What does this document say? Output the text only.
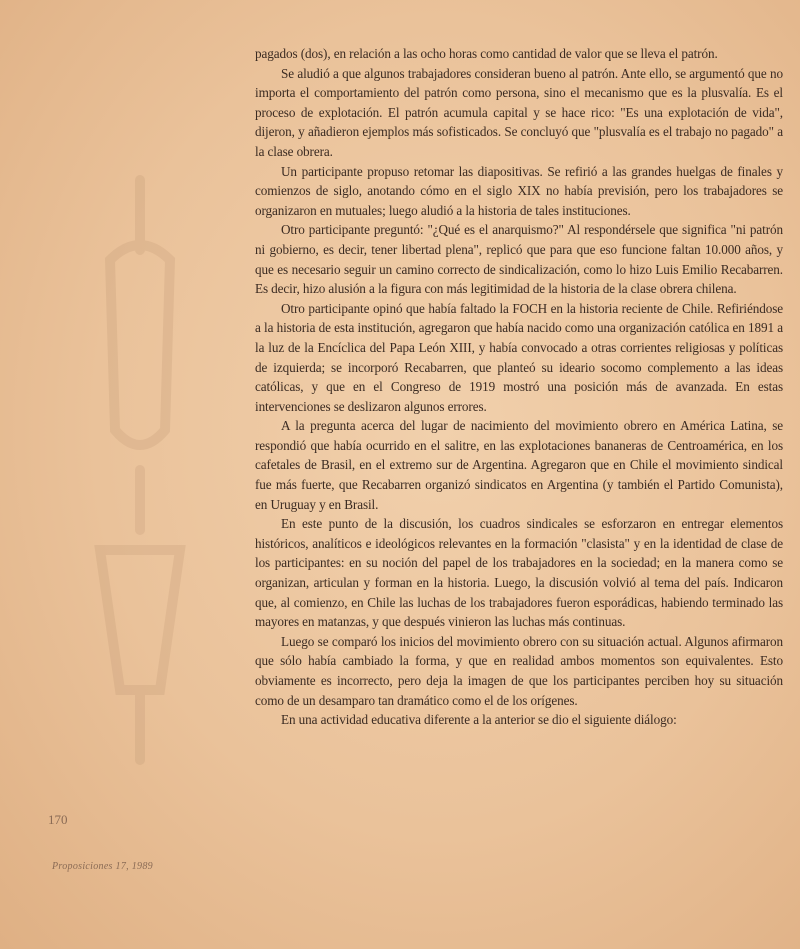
pagados (dos), en relación a las ocho horas como cantidad de valor que se lleva el patrón.

Se aludió a que algunos trabajadores consideran bueno al patrón. Ante ello, se argumentó que no importa el comportamiento del patrón como persona, sino el mecanismo que es la plusvalía. Es el proceso de explotación. El patrón acumula capital y se hace rico: "Es una explotación de vida", dijeron, y añadieron ejemplos más sofisticados. Se concluyó que "plusvalía es el trabajo no pagado" a la clase obrera.

Un participante propuso retomar las diapositivas. Se refirió a las grandes huelgas de finales y comienzos de siglo, anotando cómo en el siglo XIX no había previsión, pero los trabajadores se organizaron en mutuales; luego aludió a la historia de tales instituciones.

Otro participante preguntó: "¿Qué es el anarquismo?" Al respondérsele que significa "ni patrón ni gobierno, es decir, tener libertad plena", replicó que para que eso funcione faltan 10.000 años, y que es necesario seguir un camino correcto de sindicalización, como lo hizo Luis Emilio Recabarren. Es decir, hizo alusión a la figura con más legitimidad de la historia de la clase obrera chilena.

Otro participante opinó que había faltado la FOCH en la historia reciente de Chile. Refiriéndose a la historia de esta institución, agregaron que había nacido como una organización católica en 1891 a la luz de la Encíclica del Papa León XIII, y había convocado a otras corrientes religiosas y políticas de izquierda; se incorporó Recabarren, que planteó su ideario socomo complemento a las ideas católicas, y que en el Congreso de 1919 mostró una posición más de avanzada. En estas intervenciones se deslizaron algunos errores.

A la pregunta acerca del lugar de nacimiento del movimiento obrero en América Latina, se respondió que había ocurrido en el salitre, en las explotaciones bananeras de Centroamérica, en los cafetales de Brasil, en el extremo sur de Argentina. Agregaron que en Chile el movimiento sindical fue más fuerte, que Recabarren organizó sindicatos en Argentina (y también el Partido Comunista), en Uruguay y en Brasil.

En este punto de la discusión, los cuadros sindicales se esforzaron en entregar elementos históricos, analíticos e ideológicos relevantes en la formación "clasista" y en la identidad de clase de los participantes: en su noción del papel de los trabajadores en la sociedad; en la manera como se organizan, articulan y forman en la historia. Luego, la discusión volvió al tema del país. Indicaron que, al comienzo, en Chile las luchas de los trabajadores fueron esporádicas, habiendo terminado las mayores en matanzas, y que después vinieron las luchas más continuas.

Luego se comparó los inicios del movimiento obrero con su situación actual. Algunos afirmaron que sólo había cambiado la forma, y que en realidad ambos momentos son equivalentes. Esto obviamente es incorrecto, pero deja la imagen de que los participantes perciben hoy su situación como de un desamparo tan dramático como el de los orígenes.

En una actividad educativa diferente a la anterior se dio el siguiente diálogo:

170
Proposiciones 17, 1989
